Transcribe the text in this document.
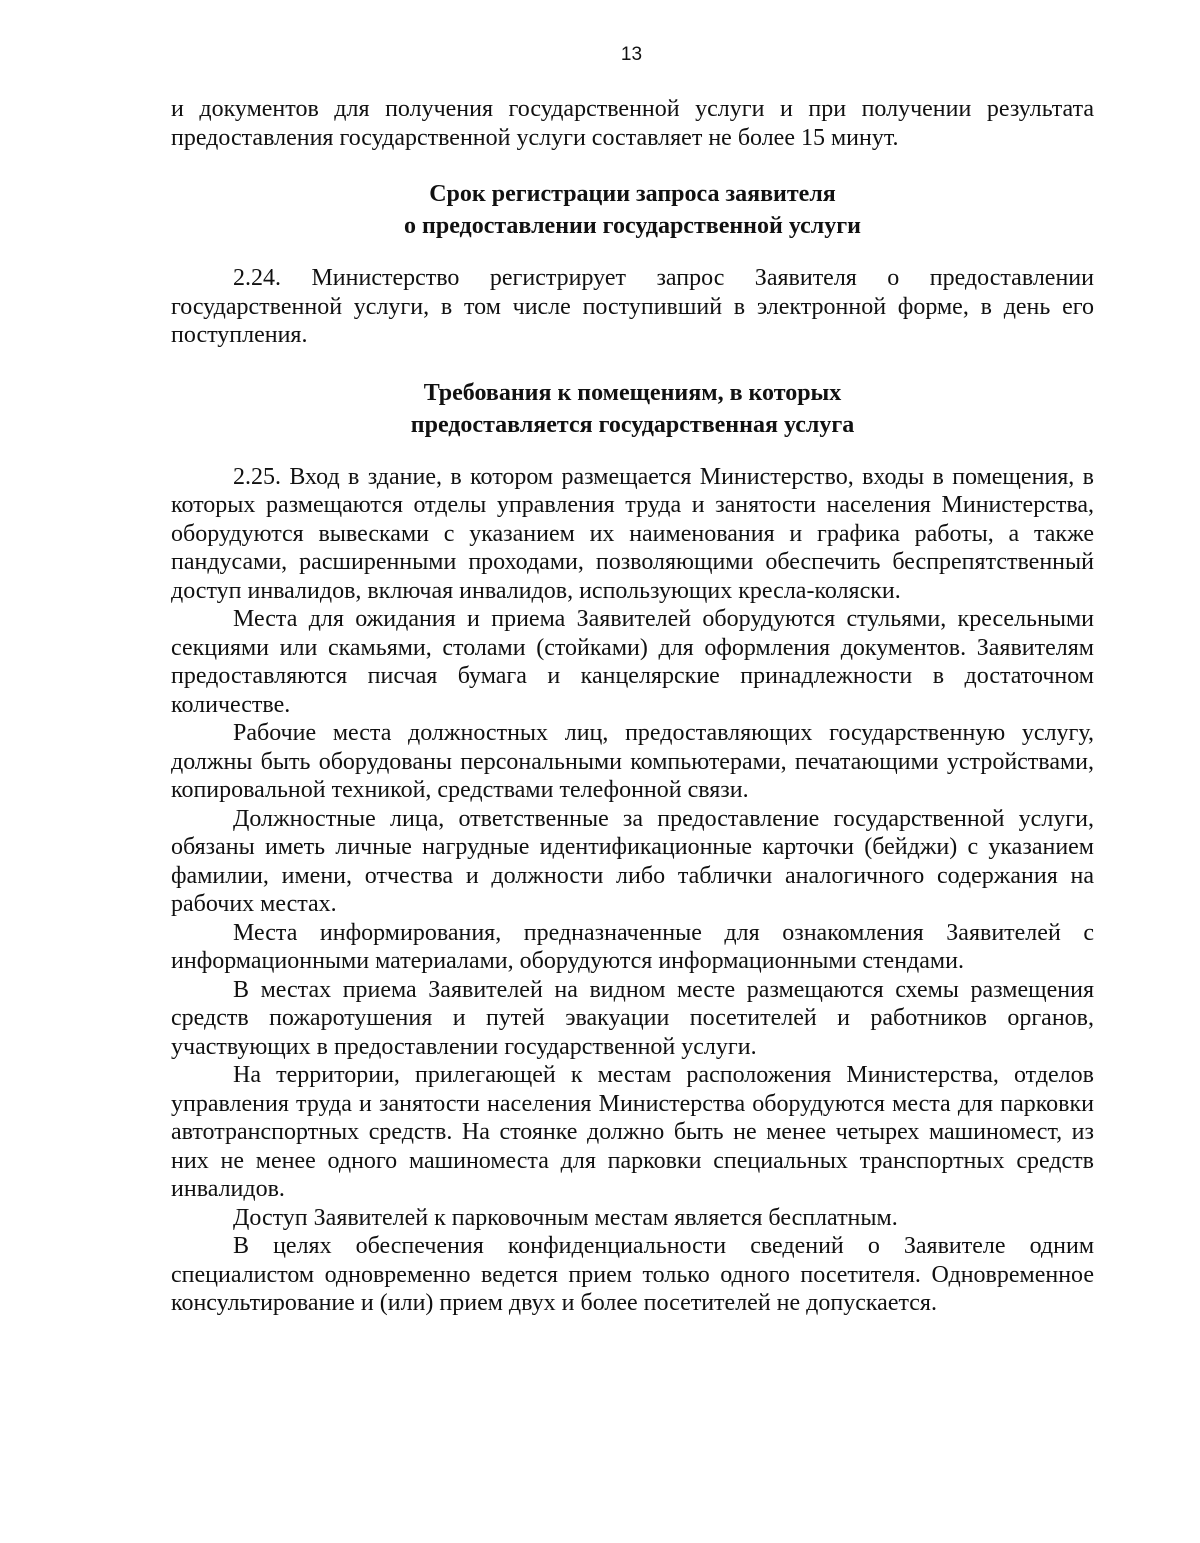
13

и документов для получения государственной услуги и при получении результата предоставления государственной услуги составляет не более 15 минут.

Срок регистрации запроса заявителя
о предоставлении государственной услуги

2.24. Министерство регистрирует запрос Заявителя о предоставлении государственной услуги, в том числе поступивший в электронной форме, в день его поступления.

Требования к помещениям, в которых
предоставляется государственная услуга

2.25. Вход в здание, в котором размещается Министерство, входы в помещения, в которых размещаются отделы управления труда и занятости населения Министерства, оборудуются вывесками с указанием их наименования и графика работы, а также пандусами, расширенными проходами, позволяющими обеспечить беспрепятственный доступ инвалидов, включая инвалидов, использующих кресла-коляски.

Места для ожидания и приема Заявителей оборудуются стульями, кресельными секциями или скамьями, столами (стойками) для оформления документов. Заявителям предоставляются писчая бумага и канцелярские принадлежности в достаточном количестве.

Рабочие места должностных лиц, предоставляющих государственную услугу, должны быть оборудованы персональными компьютерами, печатающими устройствами, копировальной техникой, средствами телефонной связи.

Должностные лица, ответственные за предоставление государственной услуги, обязаны иметь личные нагрудные идентификационные карточки (бейджи) с указанием фамилии, имени, отчества и должности либо таблички аналогичного содержания на рабочих местах.

Места информирования, предназначенные для ознакомления Заявителей с информационными материалами, оборудуются информационными стендами.

В местах приема Заявителей на видном месте размещаются схемы размещения средств пожаротушения и путей эвакуации посетителей и работников органов, участвующих в предоставлении государственной услуги.

На территории, прилегающей к местам расположения Министерства, отделов управления труда и занятости населения Министерства оборудуются места для парковки автотранспортных средств. На стоянке должно быть не менее четырех машиномест, из них не менее одного машиноместа для парковки специальных транспортных средств инвалидов.

Доступ Заявителей к парковочным местам является бесплатным.

В целях обеспечения конфиденциальности сведений о Заявителе одним специалистом одновременно ведется прием только одного посетителя. Одновременное консультирование и (или) прием двух и более посетителей не допускается.
